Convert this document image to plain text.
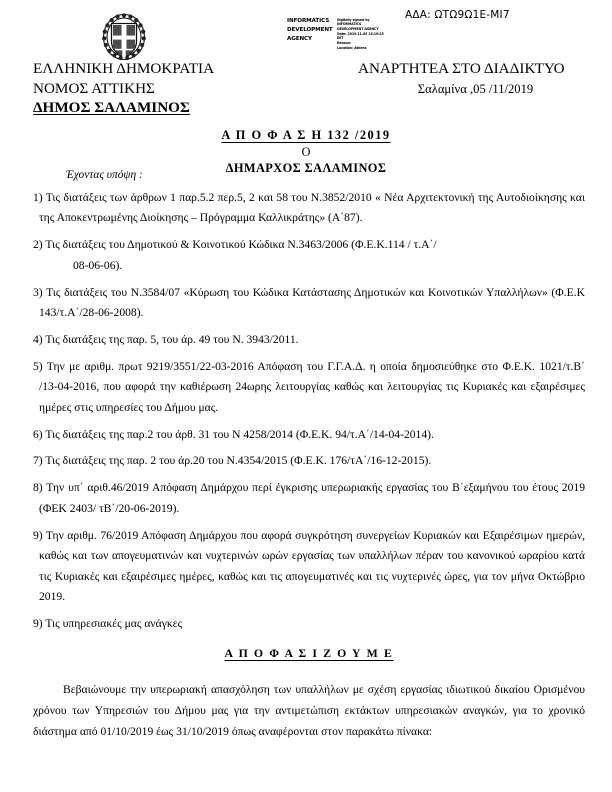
ΑΔΑ: ΩΤΩ9Ω1Ε-ΜΙ7
INFORMATICS DEVELOPMENT AGENCY
Digitally signed by
INFORMATICS
DEVELOPMENT AGENCY
Date: 2019.11.05 13:19:25
EET
Reason:
Location: Athens
ΕΛΛΗΝΙΚΗ ΔΗΜΟΚΡΑΤΙΑ
ΝΟΜΟΣ ΑΤΤΙΚΗΣ
ΔΗΜΟΣ ΣΑΛΑΜΙΝΟΣ
ΑΝΑΡΤΗΤΕΑ ΣΤΟ ΔΙΑΔΙΚΤΥΟ
Σαλαμίνα ,05 /11/2019
Α Π Ο Φ Α Σ Η 132 /2019
Ο
ΔΗΜΑΡΧΟΣ ΣΑΛΑΜΙΝΟΣ
Έχοντας υπόψη :
1) Τις διατάξεις των άρθρων 1 παρ.5.2 περ.5, 2 και 58 του Ν.3852/2010 « Νέα Αρχιτεκτονική της Αυτοδιοίκησης και της Αποκεντρωμένης Διοίκησης – Πρόγραμμα Καλλικράτης» (Α΄87).
2) Τις διατάξεις του Δημοτικού & Κοινοτικού Κώδικα Ν.3463/2006 (Φ.Ε.Κ.114 / τ.Α΄/
08-06-06).
3) Τις διατάξεις του Ν.3584/07 «Κύρωση του Κώδικα Κατάστασης Δημοτικών και Κοινοτικών Υπαλλήλων» (Φ.Ε.Κ 143/τ.Α΄/28-06-2008).
4) Τις διατάξεις της παρ. 5, του άρ. 49 του Ν. 3943/2011.
5) Την με αριθμ. πρωτ 9219/3551/22-03-2016 Απόφαση του Γ.Γ.Α.Δ. η οποία δημοσιεύθηκε στο Φ.Ε.Κ. 1021/τ.Β΄ /13-04-2016, που αφορά την καθιέρωση 24ωρης λειτουργίας καθώς και λειτουργίας τις Κυριακές και εξαιρέσιμες ημέρες στις υπηρεσίες του Δήμου μας.
6) Τις διατάξεις της παρ.2 του άρθ. 31 του Ν 4258/2014 (Φ.Ε.Κ. 94/τ.Α΄/14-04-2014).
7) Τις διατάξεις της παρ. 2 του άρ.20 του Ν.4354/2015 (Φ.Ε.Κ. 176/τΑ΄/16-12-2015).
8) Την υπ΄ αριθ.46/2019 Απόφαση Δημάρχου περί έγκρισης υπερωριακής εργασίας του Β΄εξαμήνου του έτους 2019 (ΦΕΚ 2403/ τΒ΄/20-06-2019).
9) Την αριθμ. 76/2019 Απόφαση Δημάρχου που αφορά συγκρότηση συνεργείων Κυριακών και Εξαιρέσιμων ημερών, καθώς και των απογευματινών και νυχτερινών ωρών εργασίας των υπαλλήλων πέραν του κανονικού ωραρίου κατά τις Κυριακές και εξαιρέσιμες ημέρες, καθώς και τις απογευματινές και τις νυχτερινές ώρες, για τον μήνα Οκτώβριο 2019.
9) Τις υπηρεσιακές μας ανάγκες
Α Π Ο Φ Α Σ Ι Ζ Ο Υ Μ Ε
Βεβαιώνουμε την υπερωριακή απασχόληση των υπαλλήλων με σχέση εργασίας ιδιωτικού δικαίου Ορισμένου χρόνου των Υπηρεσιών του Δήμου μας για την αντιμετώπιση εκτάκτων υπηρεσιακών αναγκών, για το χρονικό διάστημα από 01/10/2019 έως 31/10/2019 όπως αναφέρονται στον παρακάτω πίνακα:
